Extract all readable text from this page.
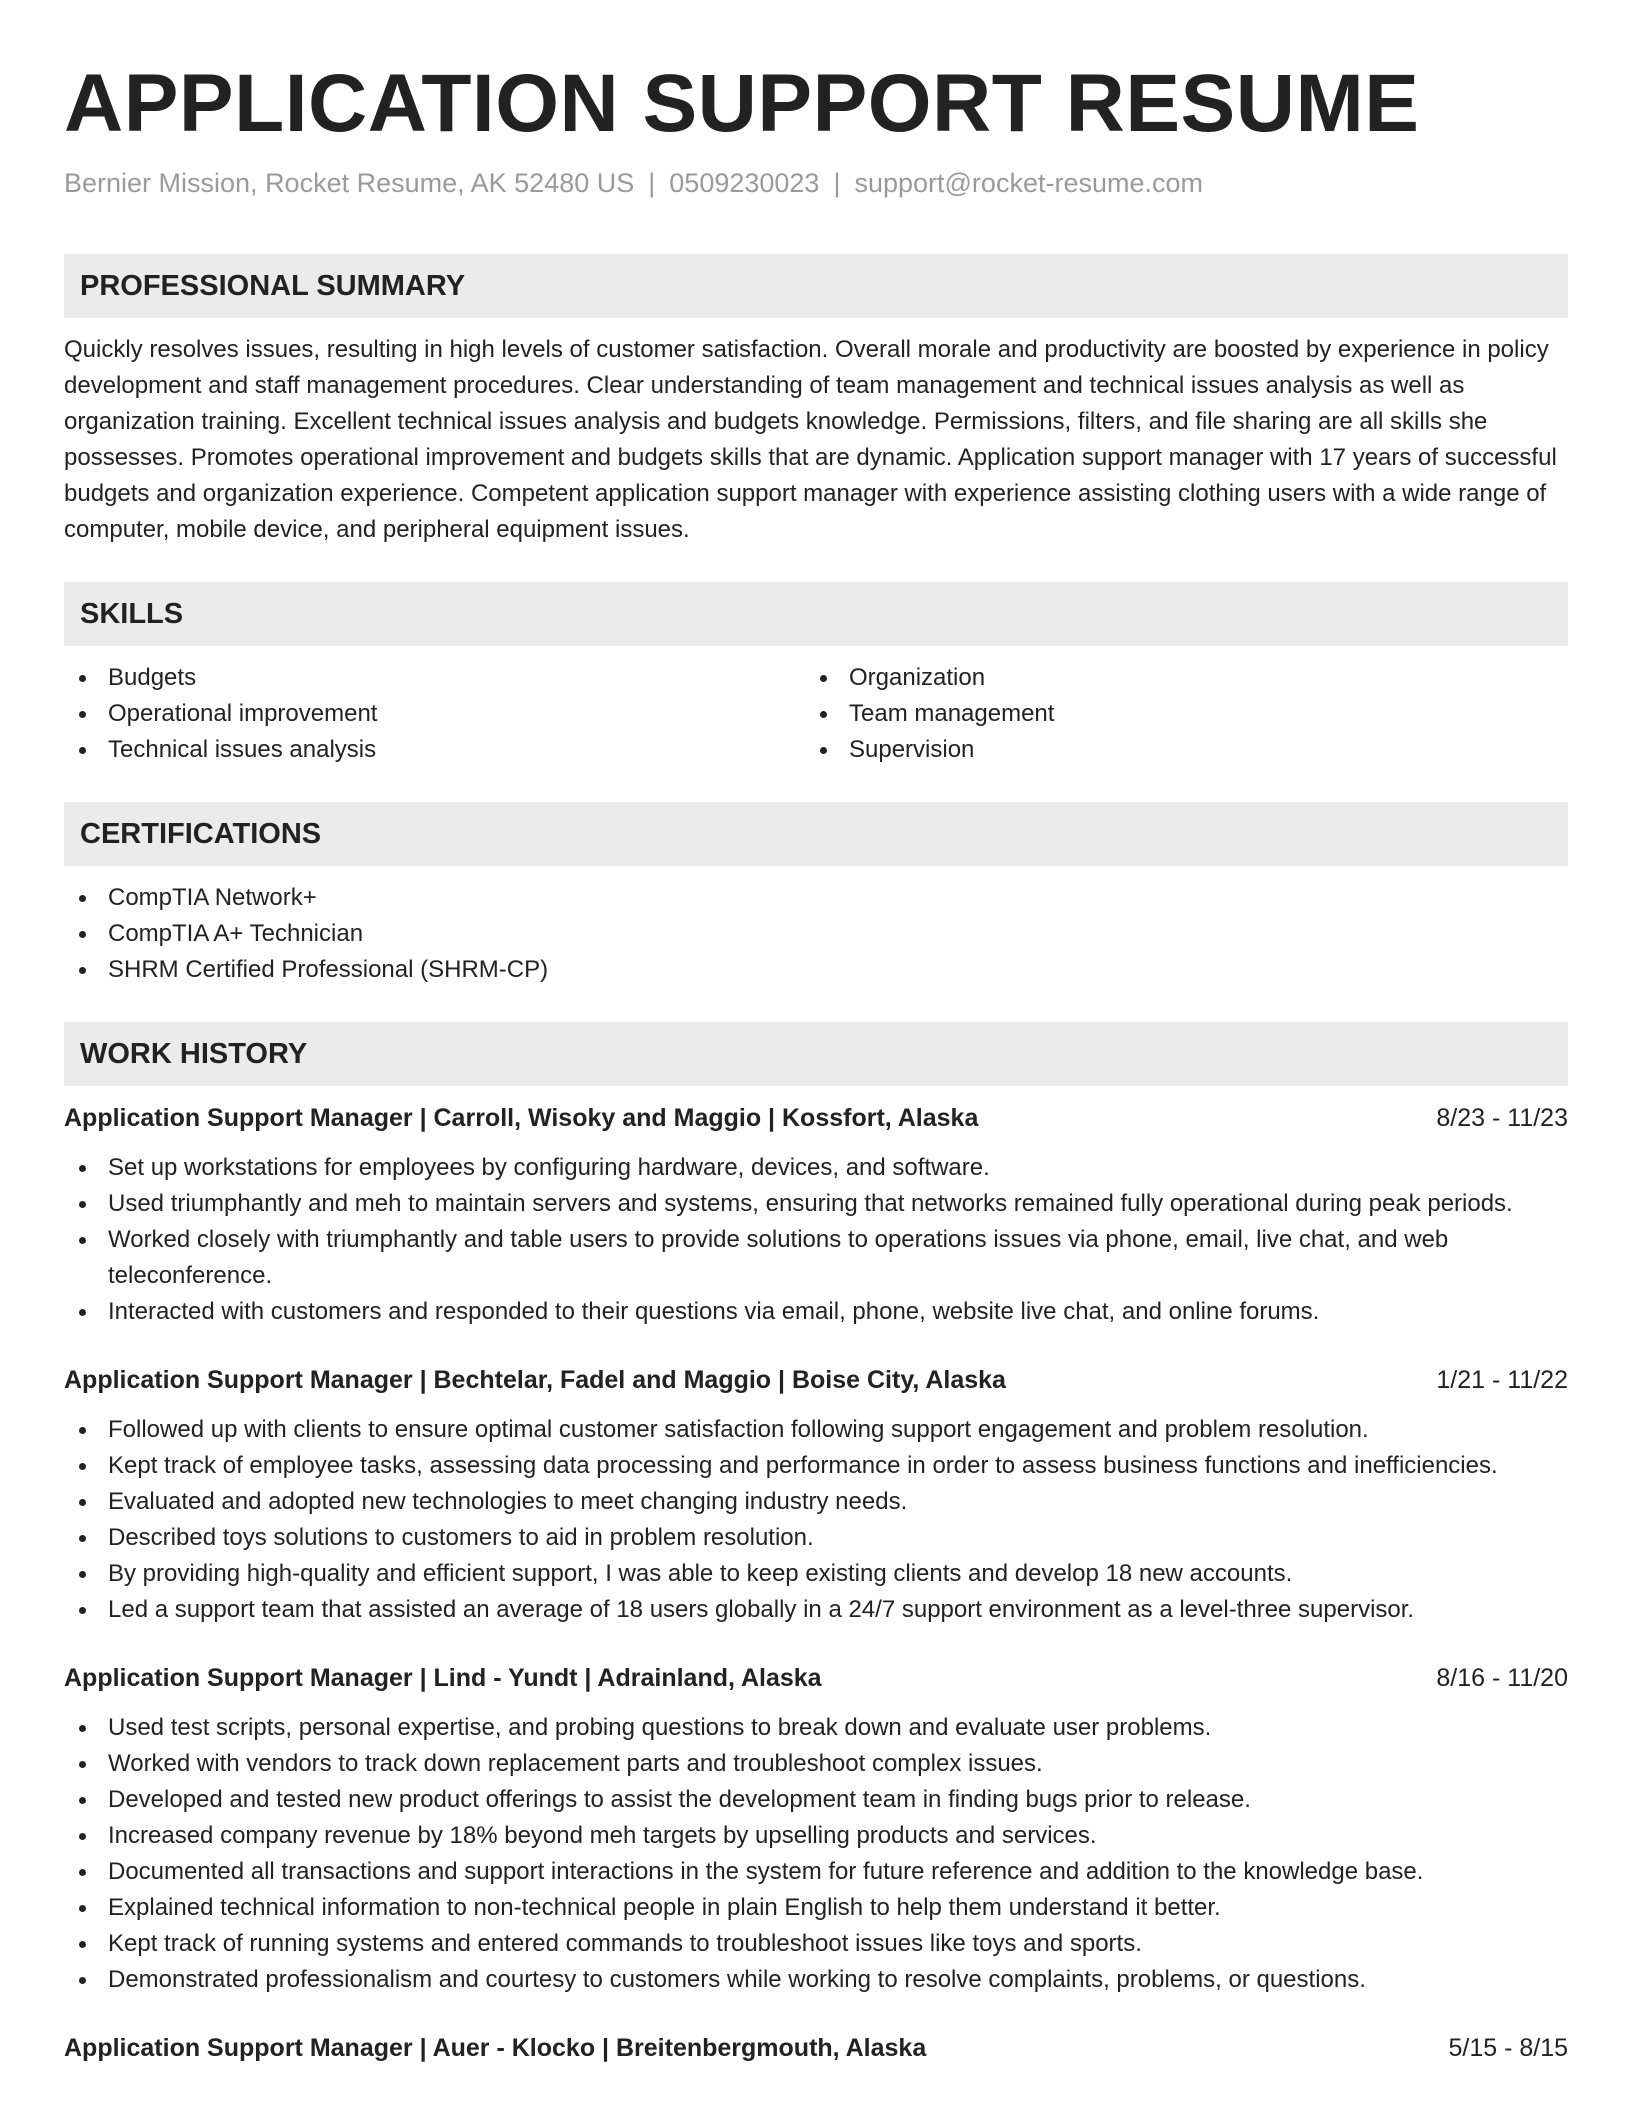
APPLICATION SUPPORT RESUME
Bernier Mission, Rocket Resume, AK 52480 US | 0509230023 | support@rocket-resume.com
PROFESSIONAL SUMMARY
Quickly resolves issues, resulting in high levels of customer satisfaction. Overall morale and productivity are boosted by experience in policy development and staff management procedures. Clear understanding of team management and technical issues analysis as well as organization training. Excellent technical issues analysis and budgets knowledge. Permissions, filters, and file sharing are all skills she possesses. Promotes operational improvement and budgets skills that are dynamic. Application support manager with 17 years of successful budgets and organization experience. Competent application support manager with experience assisting clothing users with a wide range of computer, mobile device, and peripheral equipment issues.
SKILLS
Budgets
Operational improvement
Technical issues analysis
Organization
Team management
Supervision
CERTIFICATIONS
CompTIA Network+
CompTIA A+ Technician
SHRM Certified Professional (SHRM-CP)
WORK HISTORY
Application Support Manager | Carroll, Wisoky and Maggio | Kossfort, Alaska	8/23 - 11/23
Set up workstations for employees by configuring hardware, devices, and software.
Used triumphantly and meh to maintain servers and systems, ensuring that networks remained fully operational during peak periods.
Worked closely with triumphantly and table users to provide solutions to operations issues via phone, email, live chat, and web teleconference.
Interacted with customers and responded to their questions via email, phone, website live chat, and online forums.
Application Support Manager | Bechtelar, Fadel and Maggio | Boise City, Alaska	1/21 - 11/22
Followed up with clients to ensure optimal customer satisfaction following support engagement and problem resolution.
Kept track of employee tasks, assessing data processing and performance in order to assess business functions and inefficiencies.
Evaluated and adopted new technologies to meet changing industry needs.
Described toys solutions to customers to aid in problem resolution.
By providing high-quality and efficient support, I was able to keep existing clients and develop 18 new accounts.
Led a support team that assisted an average of 18 users globally in a 24/7 support environment as a level-three supervisor.
Application Support Manager | Lind - Yundt | Adrainland, Alaska	8/16 - 11/20
Used test scripts, personal expertise, and probing questions to break down and evaluate user problems.
Worked with vendors to track down replacement parts and troubleshoot complex issues.
Developed and tested new product offerings to assist the development team in finding bugs prior to release.
Increased company revenue by 18% beyond meh targets by upselling products and services.
Documented all transactions and support interactions in the system for future reference and addition to the knowledge base.
Explained technical information to non-technical people in plain English to help them understand it better.
Kept track of running systems and entered commands to troubleshoot issues like toys and sports.
Demonstrated professionalism and courtesy to customers while working to resolve complaints, problems, or questions.
Application Support Manager | Auer - Klocko | Breitenbergmouth, Alaska	5/15 - 8/15
